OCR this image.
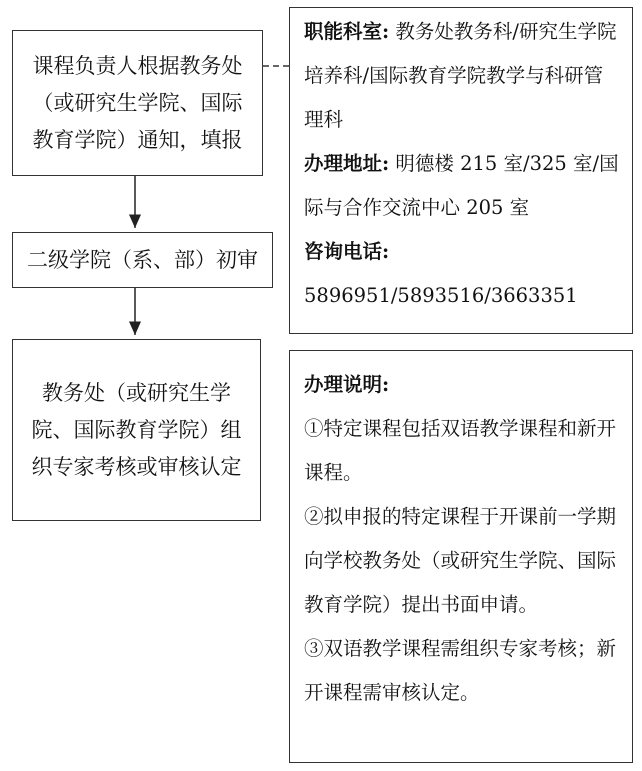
课程负责人根据教务处（或研究生学院、国际教育学院）通知，填报
二级学院（系、部）初审
教务处（或研究生学院、国际教育学院）组织专家考核或审核认定

职能科室: 教务处教务科/研究生学院培养科/国际教育学院教学与科研管理科

办理地址: 明德楼 215 室/325 室/国际与合作交流中心 205 室

咨询电话:

5896951/5893516/3663351

办理说明:

①特定课程包括双语教学课程和新开课程。

②拟申报的特定课程于开课前一学期向学校教务处（或研究生学院、国际教育学院）提出书面申请。

③双语教学课程需组织专家考核；新开课程需审核认定。
